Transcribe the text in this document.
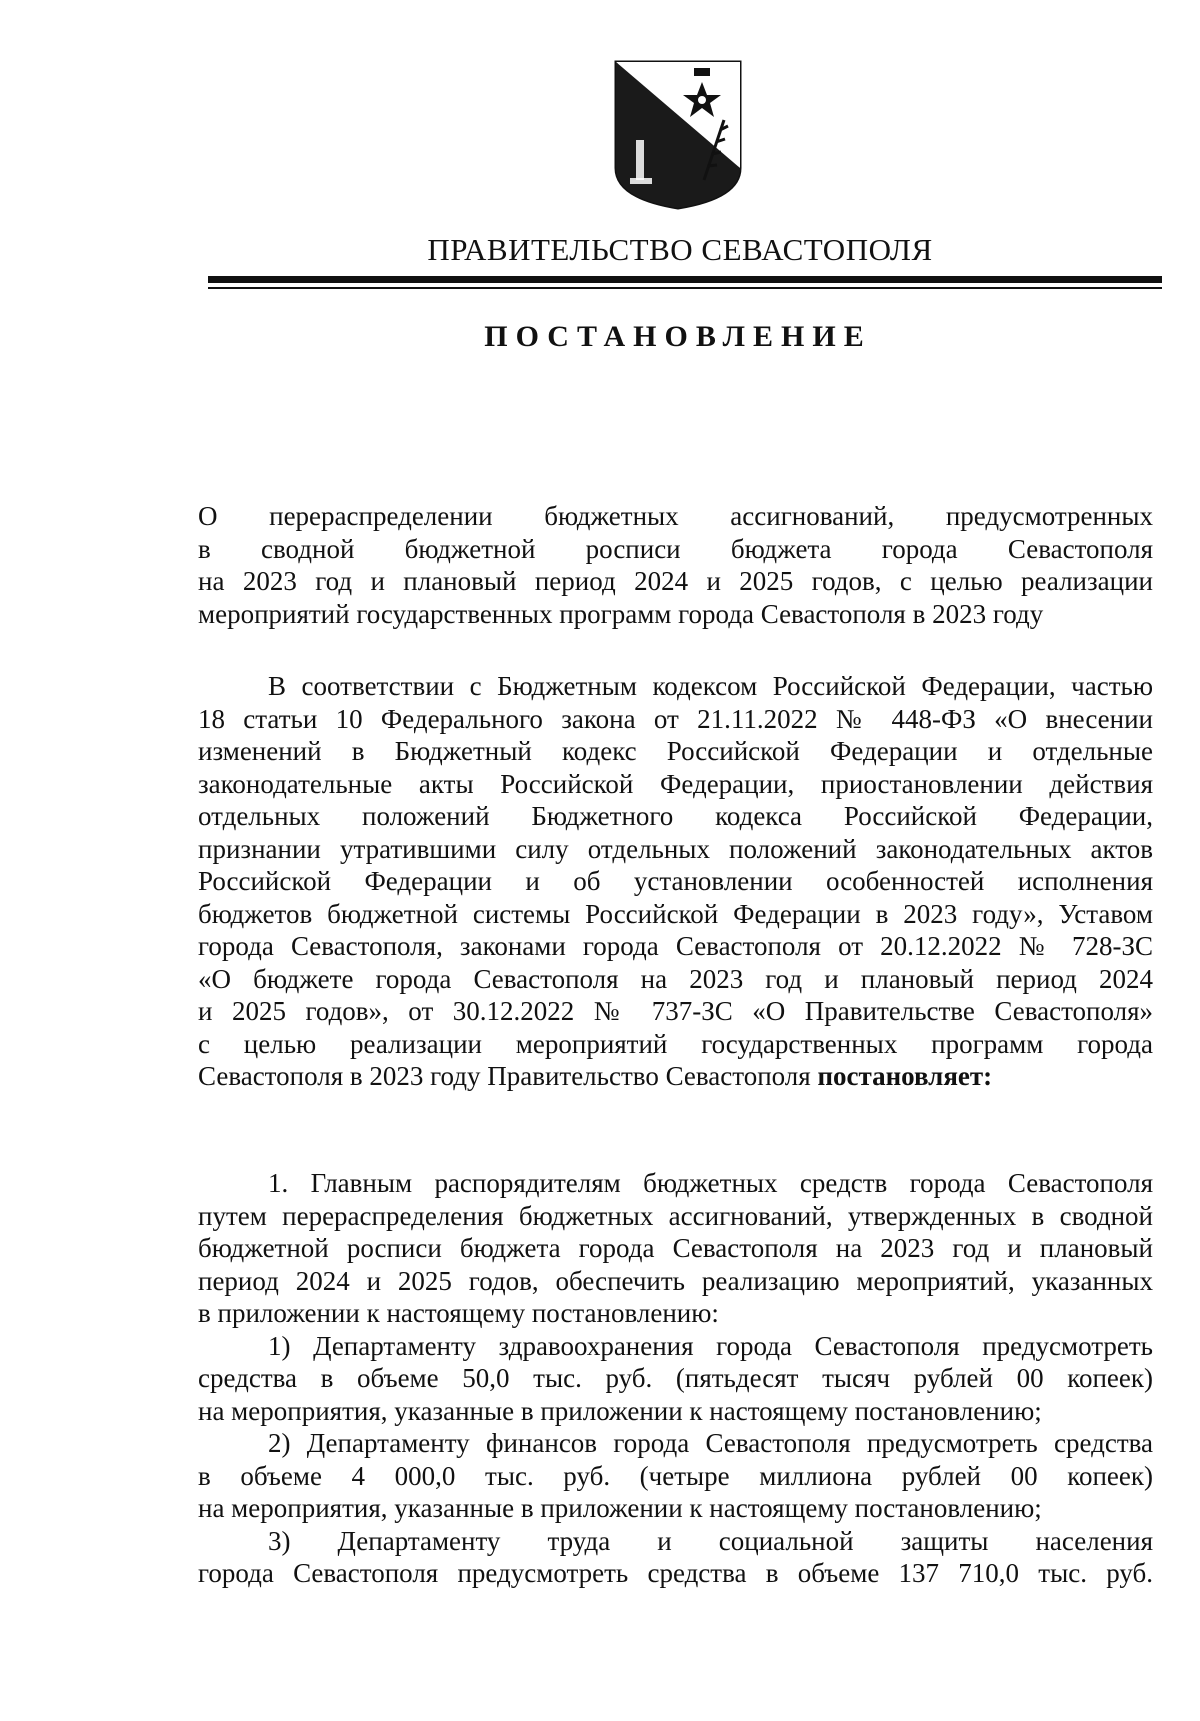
ПРАВИТЕЛЬСТВО СЕВАСТОПОЛЯ
ПОСТАНОВЛЕНИЕ
О перераспределении бюджетных ассигнований, предусмотренных
в сводной бюджетной росписи бюджета города Севастополя
на 2023 год и плановый период 2024 и 2025 годов, с целью реализации
мероприятий государственных программ города Севастополя в 2023 году
В соответствии с Бюджетным кодексом Российской Федерации, частью
18 статьи 10 Федерального закона от 21.11.2022 № 448-ФЗ «О внесении
изменений в Бюджетный кодекс Российской Федерации и отдельные
законодательные акты Российской Федерации, приостановлении действия
отдельных положений Бюджетного кодекса Российской Федерации,
признании утратившими силу отдельных положений законодательных актов
Российской Федерации и об установлении особенностей исполнения
бюджетов бюджетной системы Российской Федерации в 2023 году», Уставом
города Севастополя, законами города Севастополя от 20.12.2022 № 728-ЗС
«О бюджете города Севастополя на 2023 год и плановый период 2024
и 2025 годов», от 30.12.2022 № 737-ЗС «О Правительстве Севастополя»
с целью реализации мероприятий государственных программ города
Севастополя в 2023 году Правительство Севастополя постановляет:
1. Главным распорядителям бюджетных средств города Севастополя
путем перераспределения бюджетных ассигнований, утвержденных в сводной
бюджетной росписи бюджета города Севастополя на 2023 год и плановый
период 2024 и 2025 годов, обеспечить реализацию мероприятий, указанных
в приложении к настоящему постановлению:
1) Департаменту здравоохранения города Севастополя предусмотреть
средства в объеме 50,0 тыс. руб. (пятьдесят тысяч рублей 00 копеек)
на мероприятия, указанные в приложении к настоящему постановлению;
2) Департаменту финансов города Севастополя предусмотреть средства
в объеме 4 000,0 тыс. руб. (четыре миллиона рублей 00 копеек)
на мероприятия, указанные в приложении к настоящему постановлению;
3) Департаменту труда и социальной защиты населения
города Севастополя предусмотреть средства в объеме 137 710,0 тыс. руб.
